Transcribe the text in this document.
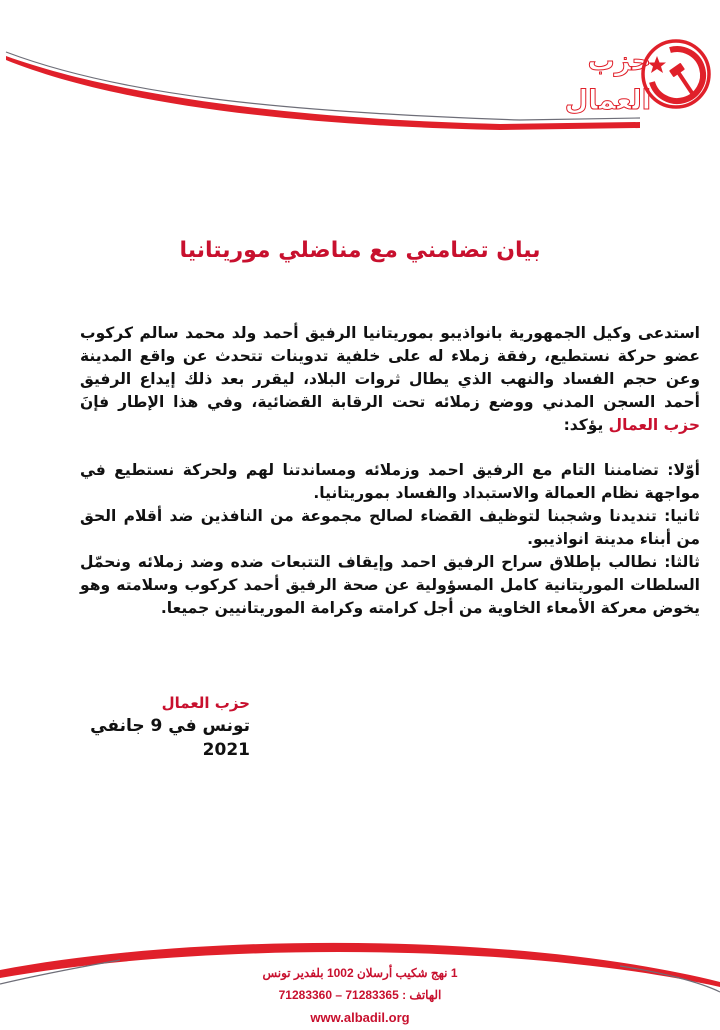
حزب
العمال
بيان تضامني مع مناضلي موريتانيا

استدعى وكيل الجمهورية بانواذيبو بموريتانيا الرفيق أحمد ولد محمد سالم كركوب عضو حركة نستطيع، رفقة زملاء له على خلفية تدوينات تتحدث عن واقع المدينة وعن حجم الفساد والنهب الذي يطال ثروات البلاد، ليقرر بعد ذلك إيداع الرفيق أحمد السجن المدني ووضع زملائه تحت الرقابة القضائية، وفي هذا الإطار فإنَ حزب العمال يؤكد:

أوّلا: تضامننا التام مع الرفيق احمد وزملائه ومساندتنا لهم ولحركة نستطيع في مواجهة نظام العمالة والاستبداد والفساد بموريتانيا.

ثانيا: تنديدنا وشجبنا لتوظيف القضاء لصالح مجموعة من النافذين ضد أقلام الحق من أبناء مدينة انواذيبو.

ثالثا: نطالب بإطلاق سراح الرفيق احمد وإيقاف التتبعات ضده وضد زملائه ونحمّل السلطات الموريتانية كامل المسؤولية عن صحة الرفيق أحمد كركوب وسلامته وهو يخوض معركة الأمعاء الخاوية من أجل كرامته وكرامة الموريتانيين جميعا.

حزب العمال
تونس في 9 جانفي 2021
1 نهج شكيب أرسلان 1002 بلفدير تونس
الهاتف : 71283365 – 71283360
www.albadil.org
